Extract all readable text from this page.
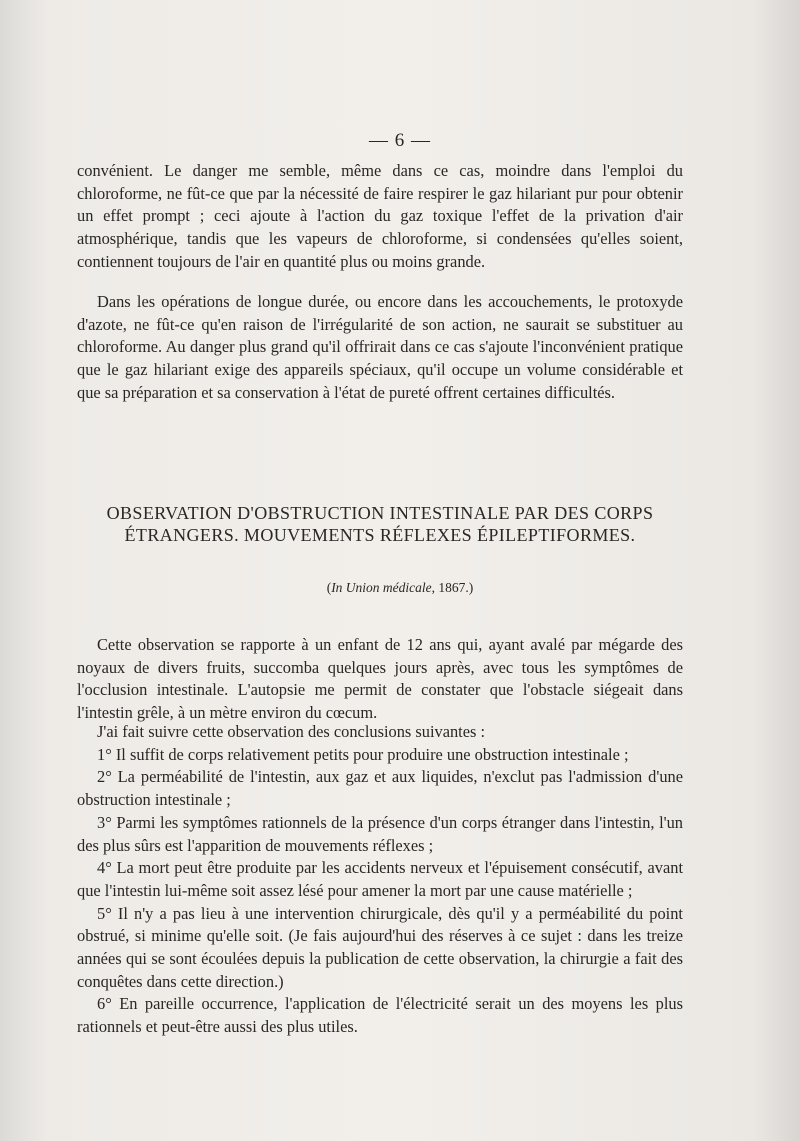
— 6 —

convénient. Le danger me semble, même dans ce cas, moindre dans l'emploi du chloroforme, ne fût-ce que par la nécessité de faire respirer le gaz hilariant pur pour obtenir un effet prompt ; ceci ajoute à l'action du gaz toxique l'effet de la privation d'air atmosphérique, tandis que les vapeurs de chloroforme, si condensées qu'elles soient, contiennent toujours de l'air en quantité plus ou moins grande.

Dans les opérations de longue durée, ou encore dans les accouchements, le protoxyde d'azote, ne fût-ce qu'en raison de l'irrégularité de son action, ne saurait se substituer au chloroforme. Au danger plus grand qu'il offrirait dans ce cas s'ajoute l'inconvénient pratique que le gaz hilariant exige des appareils spéciaux, qu'il occupe un volume considérable et que sa préparation et sa conservation à l'état de pureté offrent certaines difficultés.

OBSERVATION D'OBSTRUCTION INTESTINALE PAR DES CORPS
ÉTRANGERS. MOUVEMENTS RÉFLEXES ÉPILEPTIFORMES.
(In Union médicale, 1867.)

Cette observation se rapporte à un enfant de 12 ans qui, ayant avalé par mégarde des noyaux de divers fruits, succomba quelques jours après, avec tous les symptômes de l'occlusion intestinale. L'autopsie me permit de constater que l'obstacle siégeait dans l'intestin grêle, à un mètre environ du cœcum.

J'ai fait suivre cette observation des conclusions suivantes :

1° Il suffit de corps relativement petits pour produire une obstruction intestinale ;

2° La perméabilité de l'intestin, aux gaz et aux liquides, n'exclut pas l'admission d'une obstruction intestinale ;

3° Parmi les symptômes rationnels de la présence d'un corps étranger dans l'intestin, l'un des plus sûrs est l'apparition de mouvements réflexes ;

4° La mort peut être produite par les accidents nerveux et l'épuisement consécutif, avant que l'intestin lui-même soit assez lésé pour amener la mort par une cause matérielle ;

5° Il n'y a pas lieu à une intervention chirurgicale, dès qu'il y a perméabilité du point obstrué, si minime qu'elle soit. (Je fais aujourd'hui des réserves à ce sujet : dans les treize années qui se sont écoulées depuis la publication de cette observation, la chirurgie a fait des conquêtes dans cette direction.)

6° En pareille occurrence, l'application de l'électricité serait un des moyens les plus rationnels et peut-être aussi des plus utiles.
